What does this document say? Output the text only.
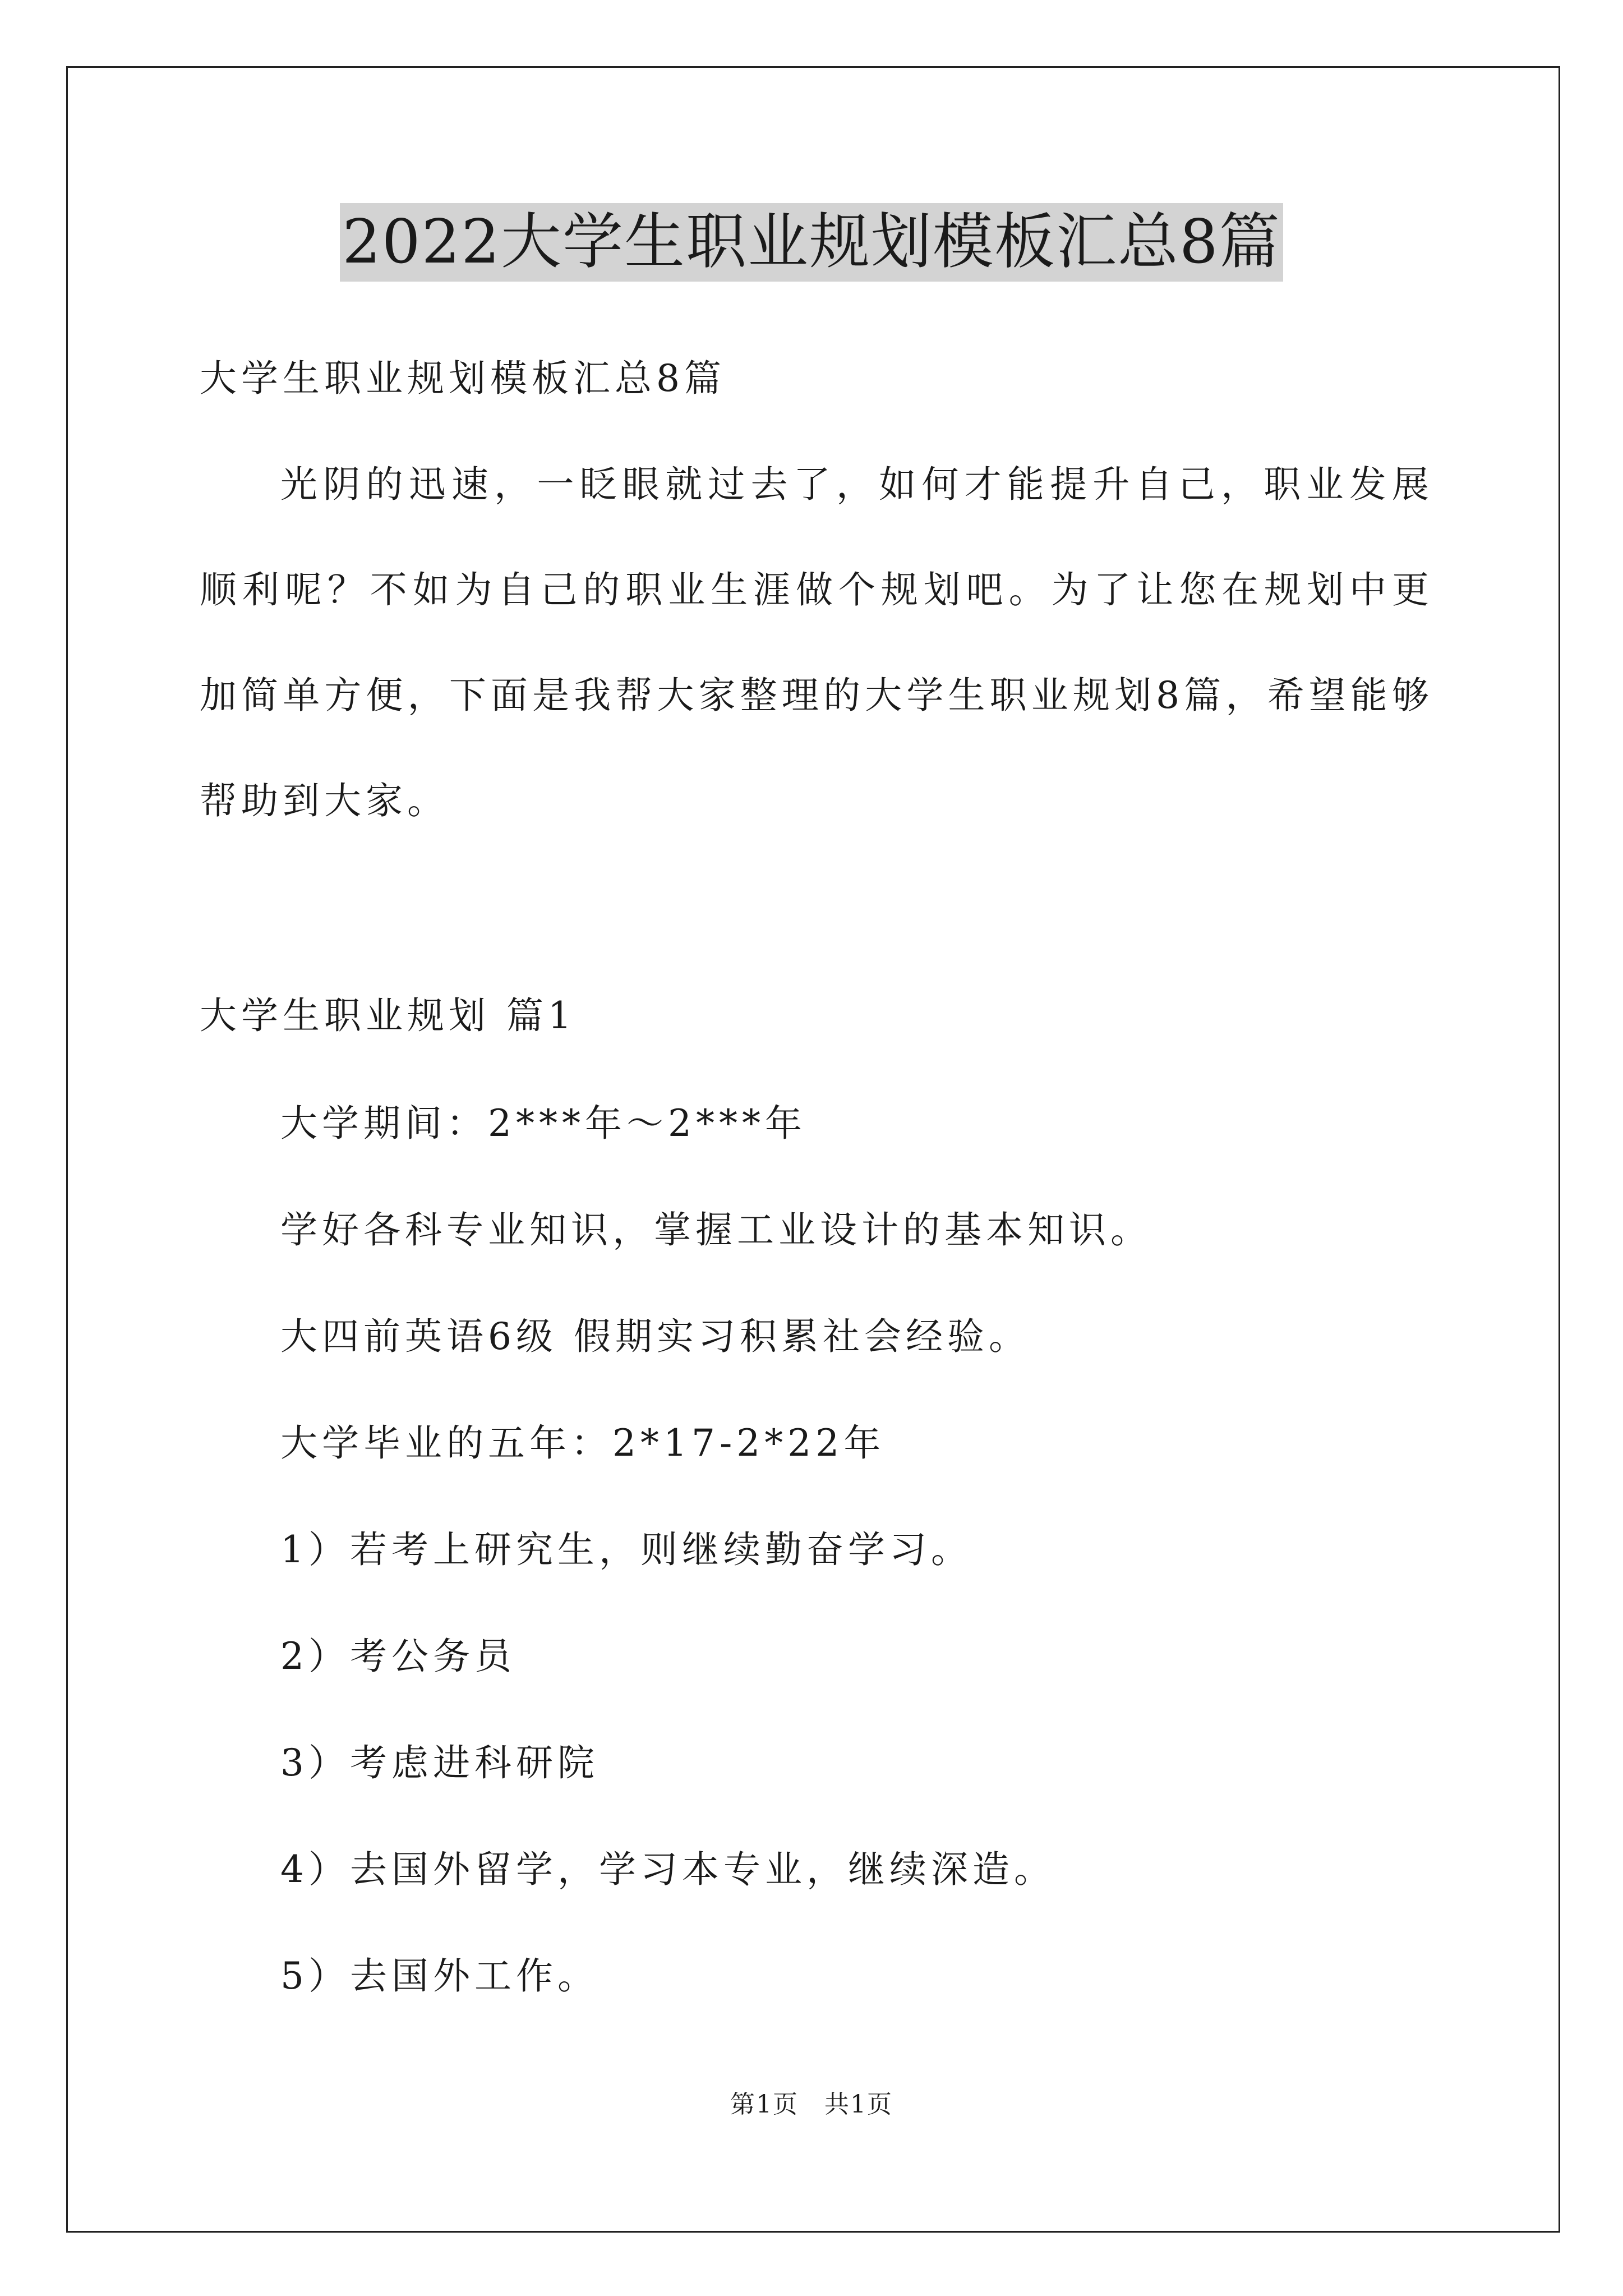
2022大学生职业规划模板汇总8篇
大学生职业规划模板汇总8篇
光阴的迅速，一眨眼就过去了，如何才能提升自己，职业发展顺利呢？不如为自己的职业生涯做个规划吧。为了让您在规划中更加简单方便，下面是我帮大家整理的大学生职业规划8篇，希望能够帮助到大家。
大学生职业规划 篇1
大学期间：2***年～2***年
学好各科专业知识，掌握工业设计的基本知识。
大四前英语6级 假期实习积累社会经验。
大学毕业的五年：2*17-2*22年
1）若考上研究生，则继续勤奋学习。
2）考公务员
3）考虑进科研院
4）去国外留学，学习本专业，继续深造。
5）去国外工作。
第1页　共1页
